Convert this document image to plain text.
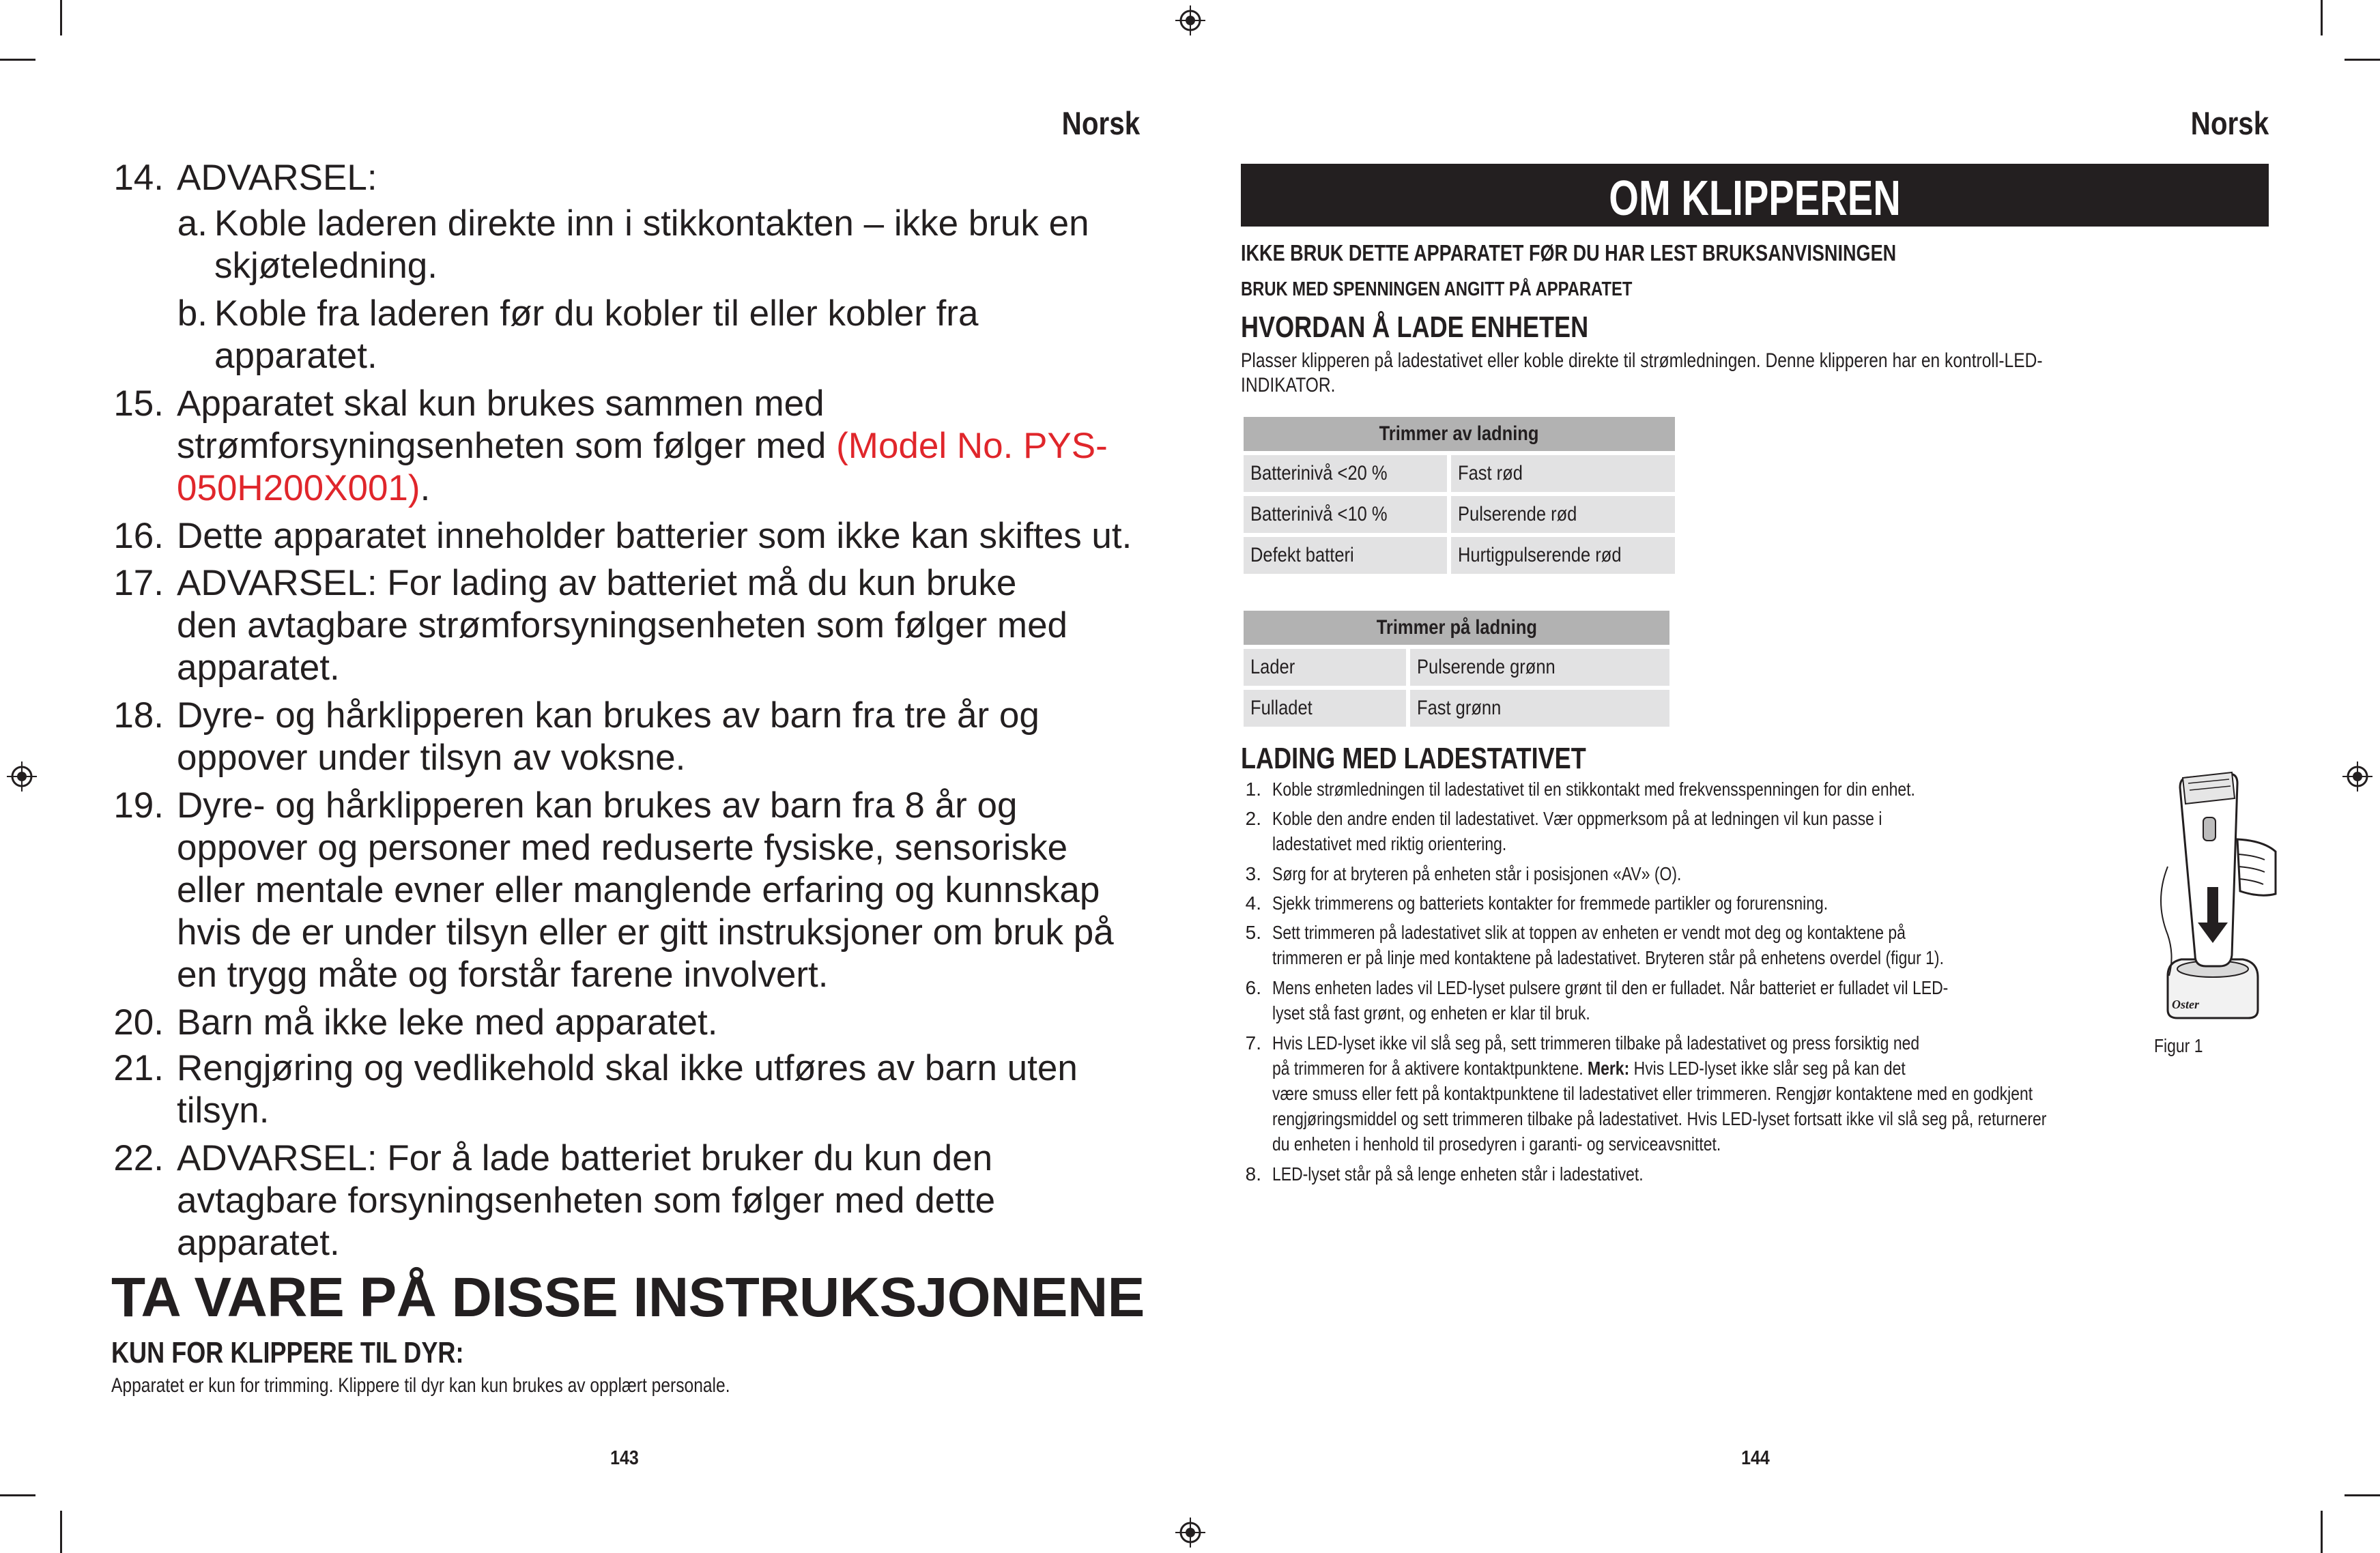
Norsk
14. ADVARSEL:
a. Koble laderen direkte inn i stikkontakten – ikke bruk en
skjøteledning.
b. Koble fra laderen før du kobler til eller kobler fra
apparatet.
15. Apparatet skal kun brukes sammen med
strømforsyningsenheten som følger med (Model No. PYS-
050H200X001).
16. Dette apparatet inneholder batterier som ikke kan skiftes ut.
17. ADVARSEL: For lading av batteriet må du kun bruke
den avtagbare strømforsyningsenheten som følger med
apparatet.
18. Dyre- og hårklipperen kan brukes av barn fra tre år og
oppover under tilsyn av voksne.
19. Dyre- og hårklipperen kan brukes av barn fra 8 år og
oppover og personer med reduserte fysiske, sensoriske
eller mentale evner eller manglende erfaring og kunnskap
hvis de er under tilsyn eller er gitt instruksjoner om bruk på
en trygg måte og forstår farene involvert.
20. Barn må ikke leke med apparatet.
21. Rengjøring og vedlikehold skal ikke utføres av barn uten
tilsyn.
22. ADVARSEL: For å lade batteriet bruker du kun den
avtagbare forsyningsenheten som følger med dette
apparatet.
TA VARE PÅ DISSE INSTRUKSJONENE
KUN FOR KLIPPERE TIL DYR:
Apparatet er kun for trimming. Klippere til dyr kan kun brukes av opplært personale.
143
Norsk
OM KLIPPEREN
IKKE BRUK DETTE APPARATET FØR DU HAR LEST BRUKSANVISNINGEN
BRUK MED SPENNINGEN ANGITT PÅ APPARATET
HVORDAN Å LADE ENHETEN
Plasser klipperen på ladestativet eller koble direkte til strømledningen. Denne klipperen har en kontroll-LED-
INDIKATOR.
Trimmer av ladning	
Batterinivå <20 %	Fast rød
Batterinivå <10 %	Pulserende rød
Defekt batteri	Hurtigpulserende rød
Trimmer på ladning	
Lader	Pulserende grønn
Fulladet	Fast grønn
LADING MED LADESTATIVET
1. Koble strømledningen til ladestativet til en stikkontakt med frekvensspenningen for din enhet.
2. Koble den andre enden til ladestativet. Vær oppmerksom på at ledningen vil kun passe i
ladestativet med riktig orientering.
3. Sørg for at bryteren på enheten står i posisjonen «AV» (O).
4. Sjekk trimmerens og batteriets kontakter for fremmede partikler og forurensning.
5. Sett trimmeren på ladestativet slik at toppen av enheten er vendt mot deg og kontaktene på
trimmeren er på linje med kontaktene på ladestativet. Bryteren står på enhetens overdel (figur 1).
6. Mens enheten lades vil LED-lyset pulsere grønt til den er fulladet. Når batteriet er fulladet vil LED-
lyset stå fast grønt, og enheten er klar til bruk.
7. Hvis LED-lyset ikke vil slå seg på, sett trimmeren tilbake på ladestativet og press forsiktig ned
på trimmeren for å aktivere kontaktpunktene. Merk: Hvis LED-lyset ikke slår seg på kan det
være smuss eller fett på kontaktpunktene til ladestativet eller trimmeren. Rengjør kontaktene med en godkjent
rengjøringsmiddel og sett trimmeren tilbake på ladestativet. Hvis LED-lyset fortsatt ikke vil slå seg på, returnerer
du enheten i henhold til prosedyren i garanti- og serviceavsnittet.
8. LED-lyset står på så lenge enheten står i ladestativet.
Oster
Figur 1
144
